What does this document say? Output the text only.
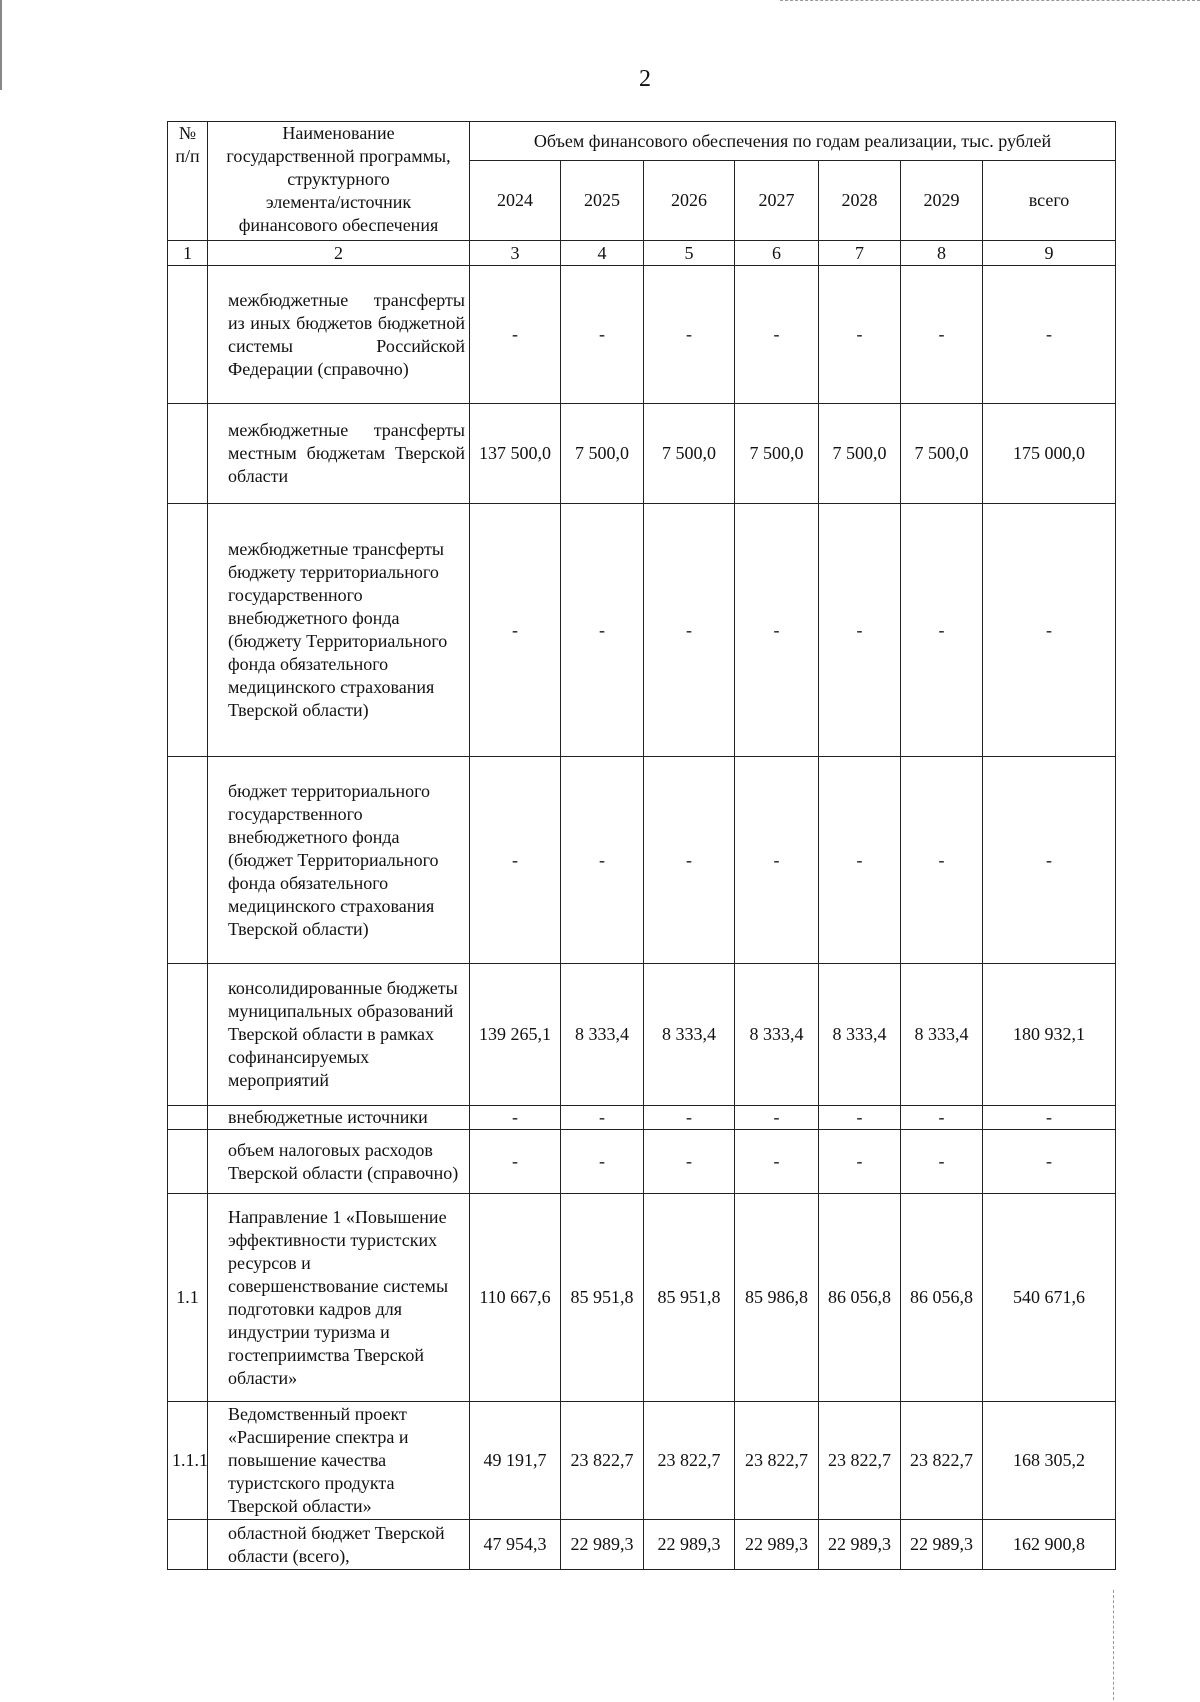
2
№
п/п	Наименование
государственной программы,
структурного
элемента/источник
финансового обеспечения	Объем финансового обеспечения по годам реализации, тыс. рублей						
		2024	2025	2026	2027	2028	2029	всего
1	2	3	4	5	6	7	8	9
	межбюджетные трансферты из иных бюджетов бюджетной системы Российской Федерации (справочно)	-	-	-	-	-	-	-
	межбюджетные трансферты местным бюджетам Тверской области	137 500,0	7 500,0	7 500,0	7 500,0	7 500,0	7 500,0	175 000,0
	межбюджетные трансферты бюджету территориального государственного внебюджетного фонда (бюджету Территориального фонда обязательного медицинского страхования Тверской области)	-	-	-	-	-	-	-
	бюджет территориального государственного внебюджетного фонда (бюджет Территориального фонда обязательного медицинского страхования Тверской области)	-	-	-	-	-	-	-
	консолидированные бюджеты муниципальных образований Тверской области в рамках софинансируемых мероприятий	139 265,1	8 333,4	8 333,4	8 333,4	8 333,4	8 333,4	180 932,1
	внебюджетные источники	-	-	-	-	-	-	-
	объем налоговых расходов Тверской области (справочно)	-	-	-	-	-	-	-
1.1	Направление 1 «Повышение эффективности туристских ресурсов и совершенствование системы подготовки кадров для индустрии туризма и гостеприимства Тверской области»	110 667,6	85 951,8	85 951,8	85 986,8	86 056,8	86 056,8	540 671,6
1.1.1	Ведомственный проект «Расширение спектра и повышение качества туристского продукта Тверской области»	49 191,7	23 822,7	23 822,7	23 822,7	23 822,7	23 822,7	168 305,2
	областной бюджет Тверской области (всего),	47 954,3	22 989,3	22 989,3	22 989,3	22 989,3	22 989,3	162 900,8
